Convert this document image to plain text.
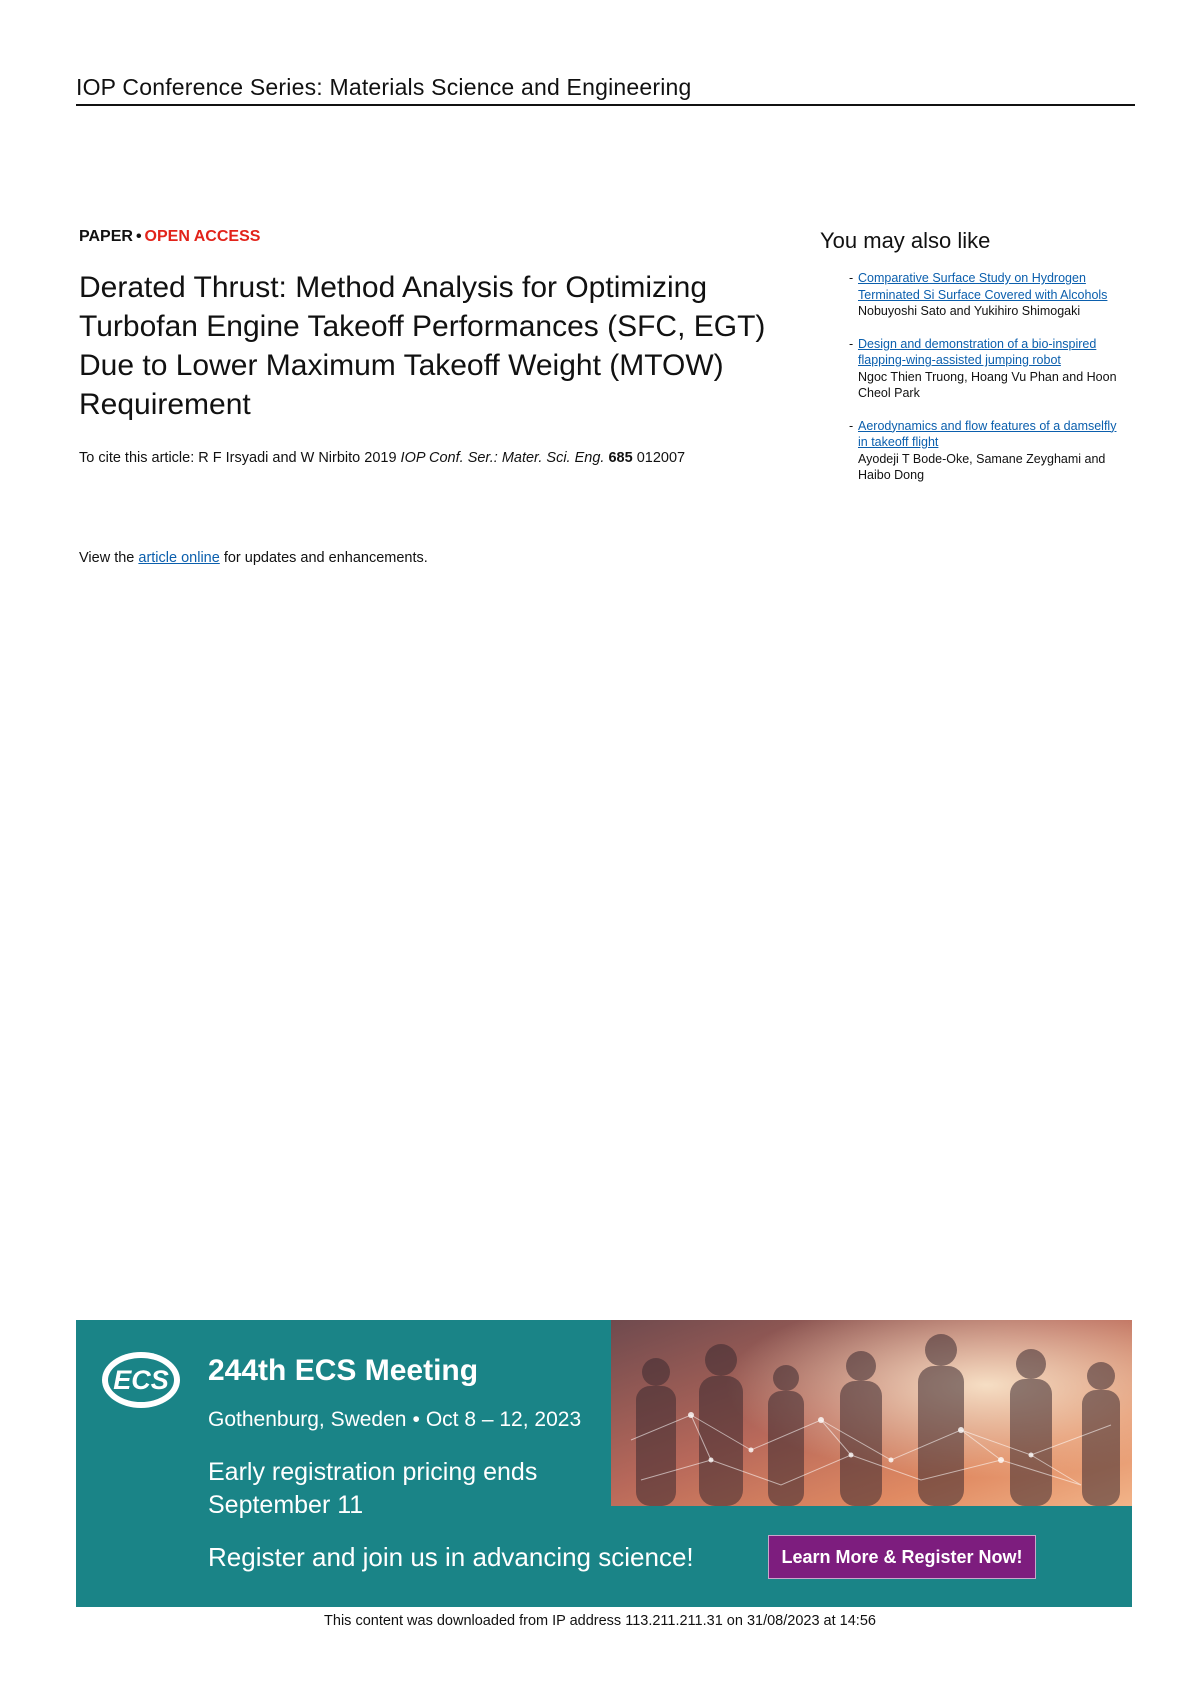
IOP Conference Series: Materials Science and Engineering
PAPER • OPEN ACCESS
Derated Thrust: Method Analysis for Optimizing Turbofan Engine Takeoff Performances (SFC, EGT) Due to Lower Maximum Takeoff Weight (MTOW) Requirement
To cite this article: R F Irsyadi and W Nirbito 2019 IOP Conf. Ser.: Mater. Sci. Eng. 685 012007
View the article online for updates and enhancements.
You may also like
- Comparative Surface Study on Hydrogen Terminated Si Surface Covered with Alcohols
Nobuyoshi Sato and Yukihiro Shimogaki
- Design and demonstration of a bio-inspired flapping-wing-assisted jumping robot
Ngoc Thien Truong, Hoang Vu Phan and Hoon Cheol Park
- Aerodynamics and flow features of a damselfly in takeoff flight
Ayodeji T Bode-Oke, Samane Zeyghami and Haibo Dong
ECS 244th ECS Meeting
Gothenburg, Sweden • Oct 8 – 12, 2023
Early registration pricing ends September 11
Register and join us in advancing science!	Learn More & Register Now!
This content was downloaded from IP address 113.211.211.31 on 31/08/2023 at 14:56
